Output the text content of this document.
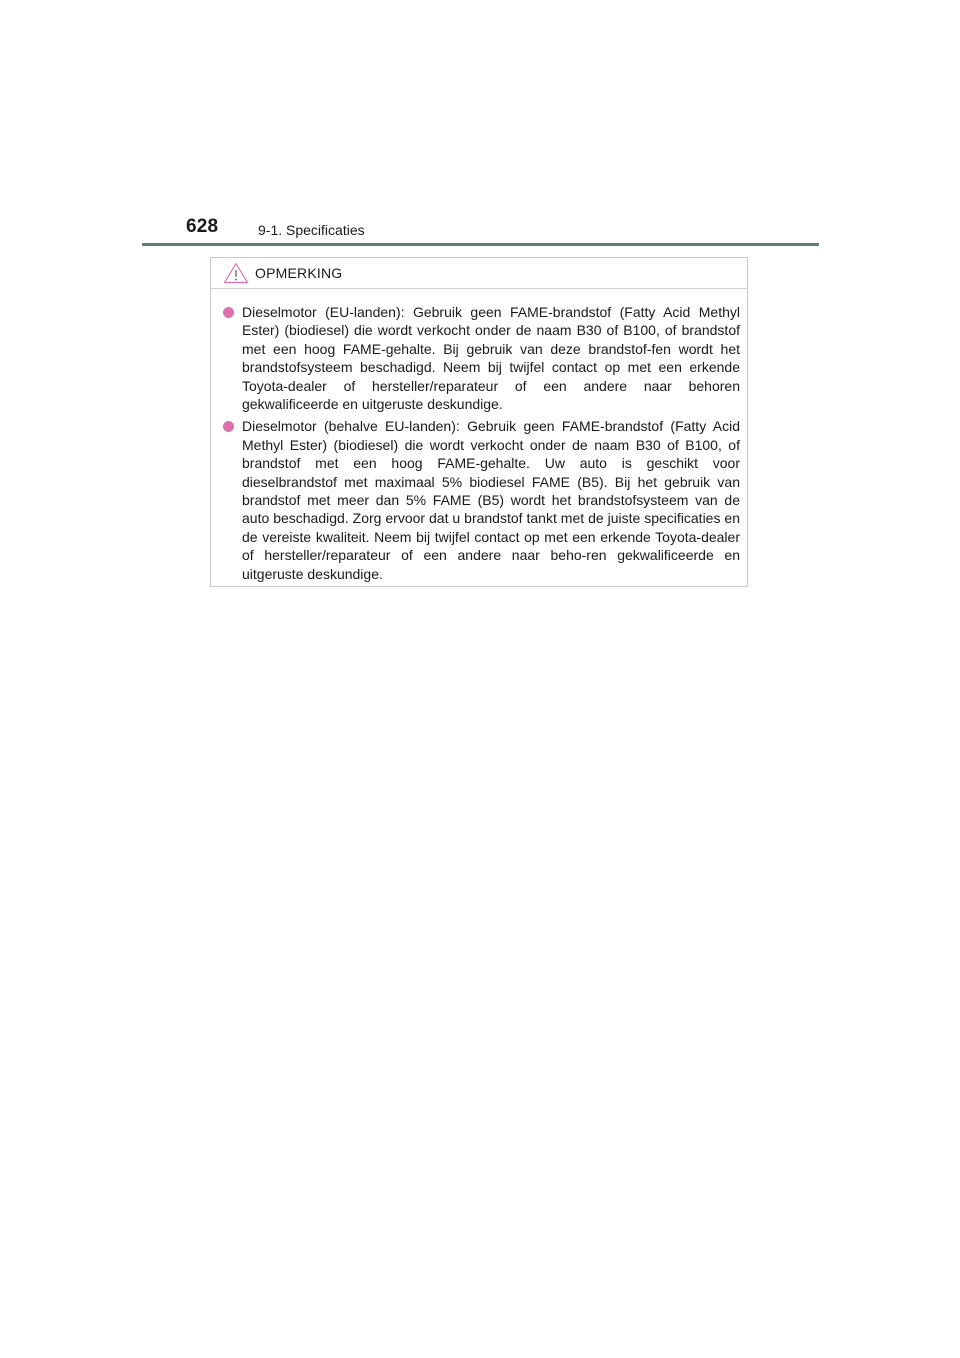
628	9-1. Specificaties
OPMERKING

Dieselmotor (EU-landen): Gebruik geen FAME-brandstof (Fatty Acid Methyl Ester) (biodiesel) die wordt verkocht onder de naam B30 of B100, of brandstof met een hoog FAME-gehalte. Bij gebruik van deze brandstof-fen wordt het brandstofsysteem beschadigd. Neem bij twijfel contact op met een erkende Toyota-dealer of hersteller/reparateur of een andere naar behoren gekwalificeerde en uitgeruste deskundige.

Dieselmotor (behalve EU-landen): Gebruik geen FAME-brandstof (Fatty Acid Methyl Ester) (biodiesel) die wordt verkocht onder de naam B30 of B100, of brandstof met een hoog FAME-gehalte. Uw auto is geschikt voor dieselbrandstof met maximaal 5% biodiesel FAME (B5). Bij het gebruik van brandstof met meer dan 5% FAME (B5) wordt het brandstofsysteem van de auto beschadigd. Zorg ervoor dat u brandstof tankt met de juiste specificaties en de vereiste kwaliteit. Neem bij twijfel contact op met een erkende Toyota-dealer of hersteller/reparateur of een andere naar beho-ren gekwalificeerde en uitgeruste deskundige.
